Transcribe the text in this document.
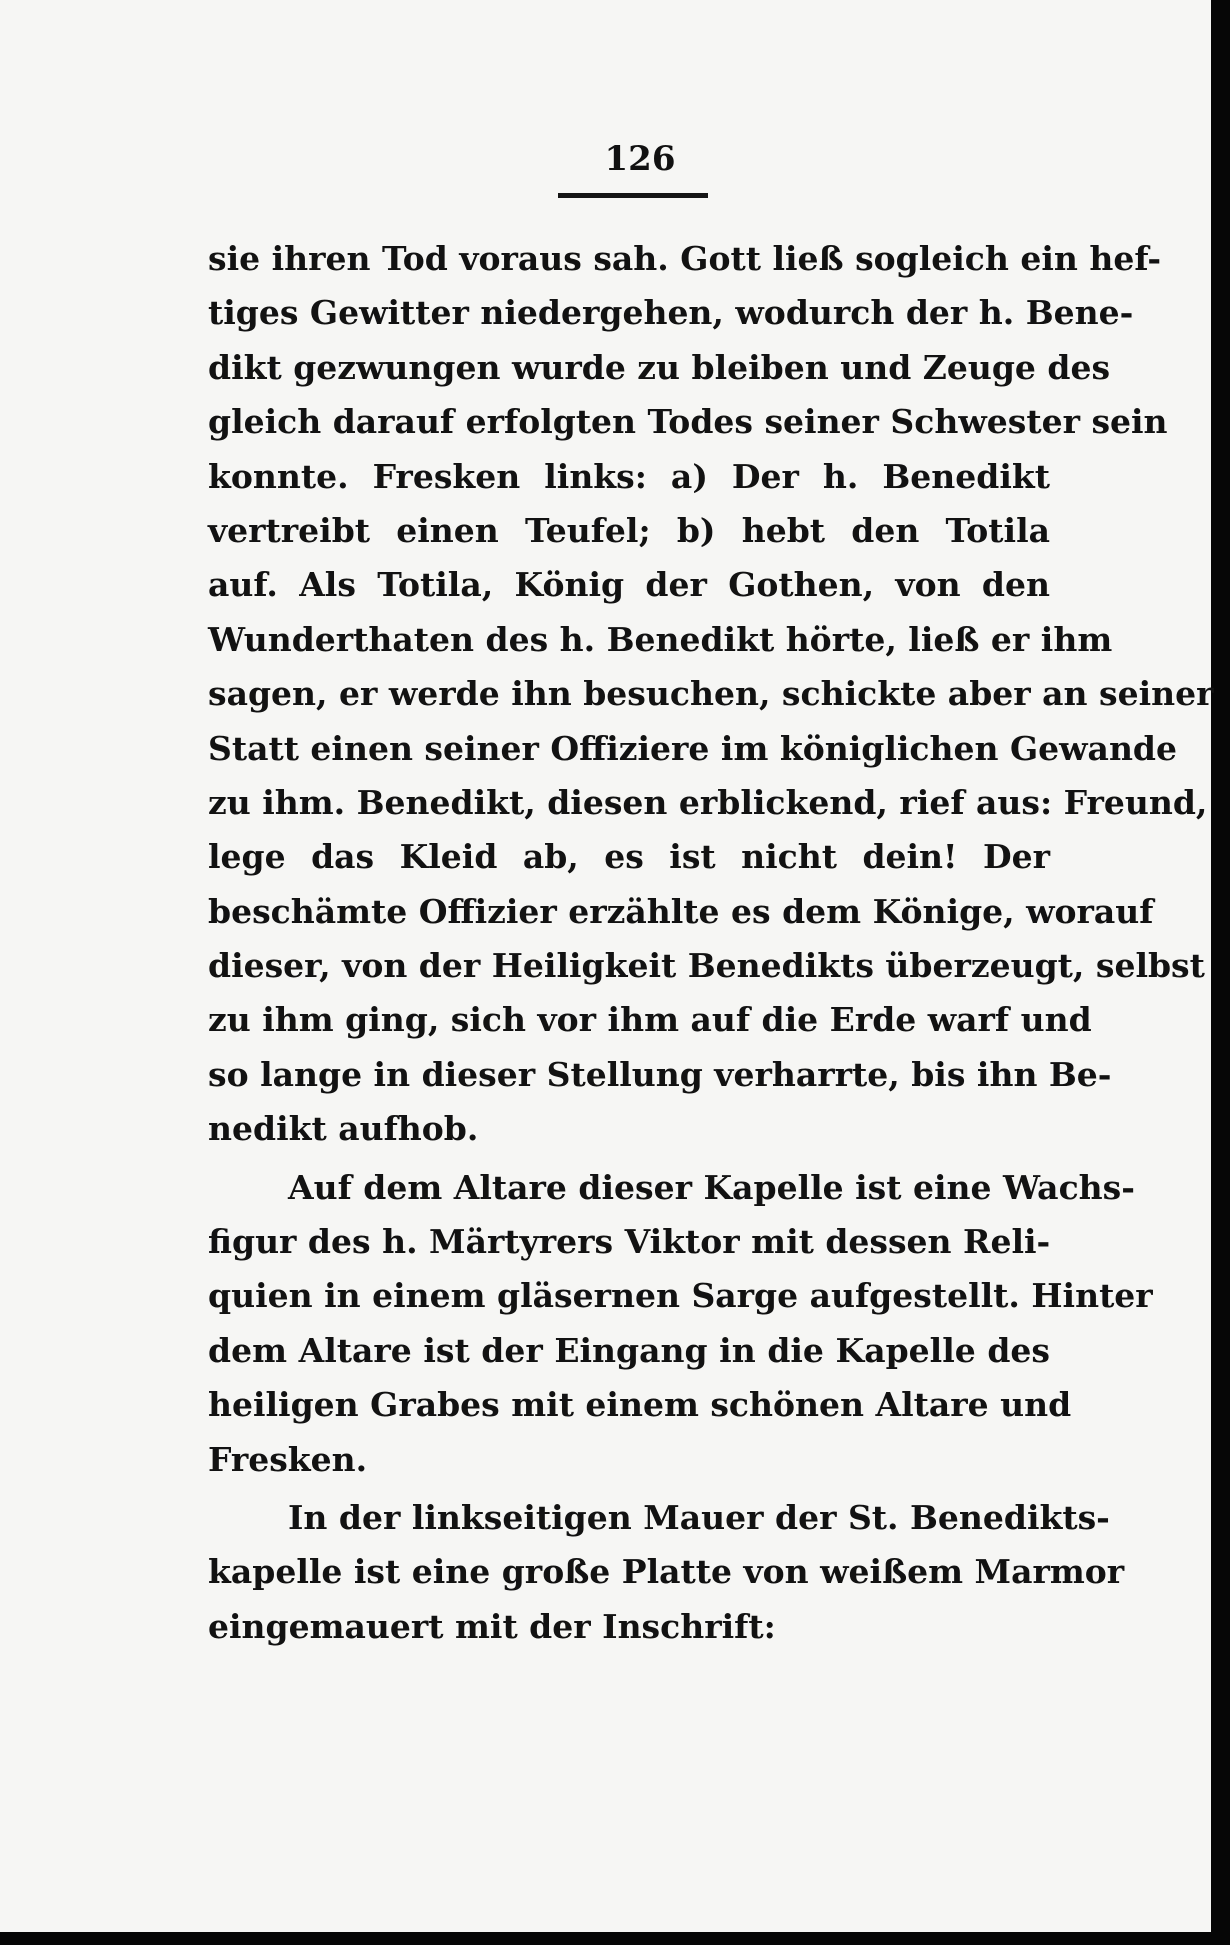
126
sie ihren Tod voraus sah. Gott ließ sogleich ein hef-
tiges Gewitter niedergehen, wodurch der h. Bene-
dikt gezwungen wurde zu bleiben und Zeuge des
gleich darauf erfolgten Todes seiner Schwester sein
konnte. Fresken links: a) Der h. Benedikt
vertreibt einen Teufel; b) hebt den Totila
auf. Als Totila, König der Gothen, von den
Wunderthaten des h. Benedikt hörte, ließ er ihm
sagen, er werde ihn besuchen, schickte aber an seiner
Statt einen seiner Offiziere im königlichen Gewande
zu ihm. Benedikt, diesen erblickend, rief aus: Freund,
lege das Kleid ab, es ist nicht dein! Der
beschämte Offizier erzählte es dem Könige, worauf
dieser, von der Heiligkeit Benedikts überzeugt, selbst
zu ihm ging, sich vor ihm auf die Erde warf und
so lange in dieser Stellung verharrte, bis ihn Be-
nedikt aufhob.
Auf dem Altare dieser Kapelle ist eine Wachs-
figur des h. Märtyrers Viktor mit dessen Reli-
quien in einem gläsernen Sarge aufgestellt. Hinter
dem Altare ist der Eingang in die Kapelle des
heiligen Grabes mit einem schönen Altare und
Fresken.
In der linkseitigen Mauer der St. Benedikts-
kapelle ist eine große Platte von weißem Marmor
eingemauert mit der Inschrift:
